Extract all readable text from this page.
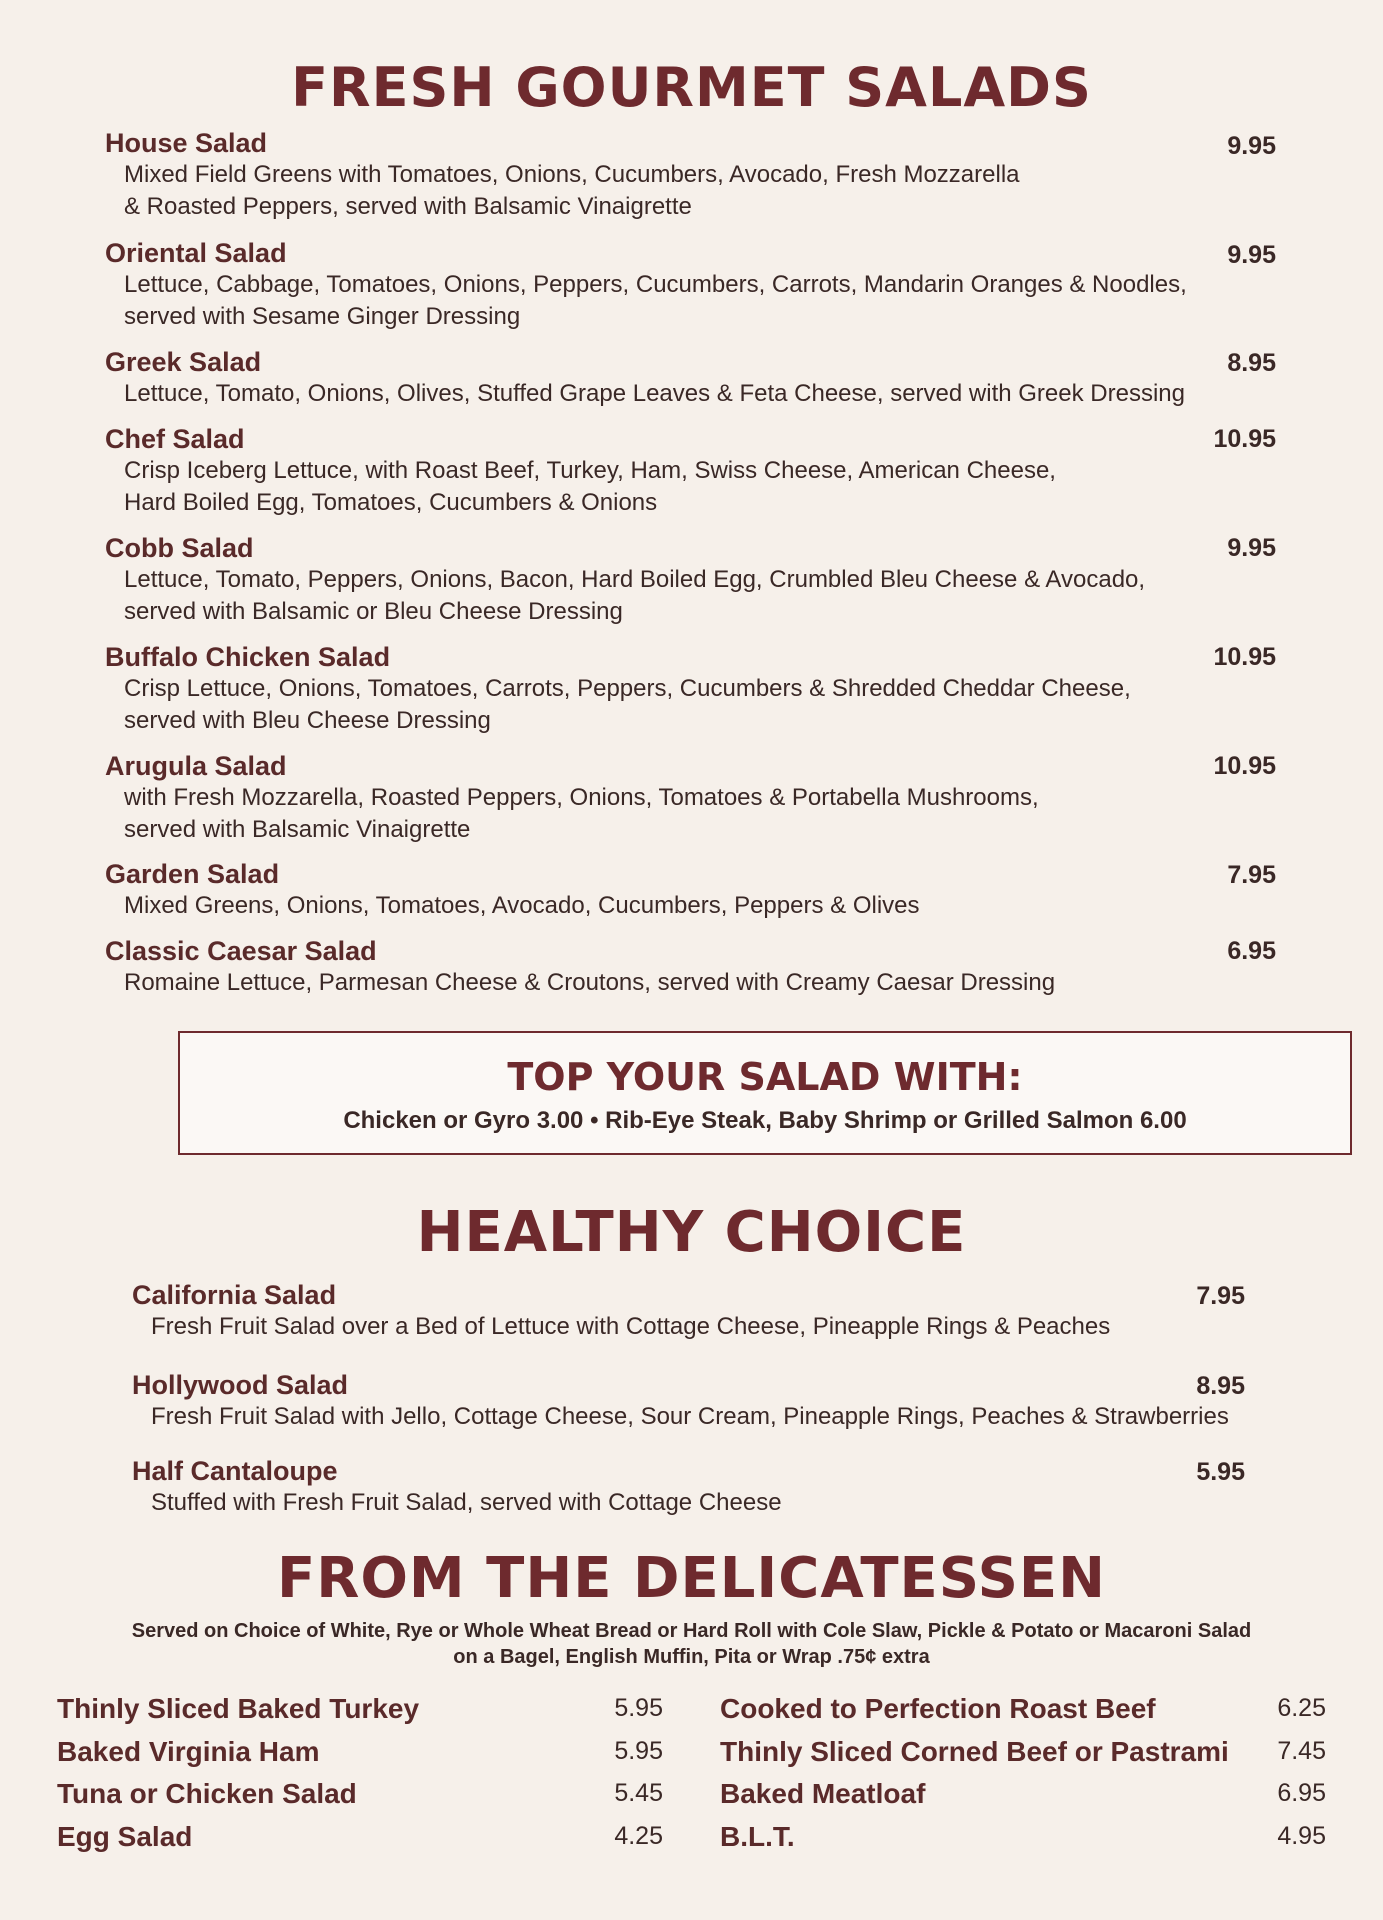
FRESH GOURMET SALADS
House Salad
Mixed Field Greens with Tomatoes, Onions, Cucumbers, Avocado, Fresh Mozzarella
& Roasted Peppers, served with Balsamic Vinaigrette
9.95
Oriental Salad
Lettuce, Cabbage, Tomatoes, Onions, Peppers, Cucumbers, Carrots, Mandarin Oranges & Noodles,
served with Sesame Ginger Dressing
9.95
Greek Salad
Lettuce, Tomato, Onions, Olives, Stuffed Grape Leaves & Feta Cheese, served with Greek Dressing
8.95
Chef Salad
Crisp Iceberg Lettuce, with Roast Beef, Turkey, Ham, Swiss Cheese, American Cheese,
Hard Boiled Egg, Tomatoes, Cucumbers & Onions
10.95
Cobb Salad
Lettuce, Tomato, Peppers, Onions, Bacon, Hard Boiled Egg, Crumbled Bleu Cheese & Avocado,
served with Balsamic or Bleu Cheese Dressing
9.95
Buffalo Chicken Salad
Crisp Lettuce, Onions, Tomatoes, Carrots, Peppers, Cucumbers & Shredded Cheddar Cheese,
served with Bleu Cheese Dressing
10.95
Arugula Salad
with Fresh Mozzarella, Roasted Peppers, Onions, Tomatoes & Portabella Mushrooms,
served with Balsamic Vinaigrette
10.95
Garden Salad
Mixed Greens, Onions, Tomatoes, Avocado, Cucumbers, Peppers & Olives
7.95
Classic Caesar Salad
Romaine Lettuce, Parmesan Cheese & Croutons, served with Creamy Caesar Dressing
6.95
TOP YOUR SALAD WITH:
Chicken or Gyro 3.00 • Rib-Eye Steak, Baby Shrimp or Grilled Salmon 6.00
HEALTHY CHOICE
California Salad
Fresh Fruit Salad over a Bed of Lettuce with Cottage Cheese, Pineapple Rings & Peaches
7.95
Hollywood Salad
Fresh Fruit Salad with Jello, Cottage Cheese, Sour Cream, Pineapple Rings, Peaches & Strawberries
8.95
Half Cantaloupe
Stuffed with Fresh Fruit Salad, served with Cottage Cheese
5.95
FROM THE DELICATESSEN
Served on Choice of White, Rye or Whole Wheat Bread or Hard Roll with Cole Slaw, Pickle & Potato or Macaroni Salad
on a Bagel, English Muffin, Pita or Wrap .75¢ extra
Thinly Sliced Baked Turkey	5.95
Baked Virginia Ham	5.95
Tuna or Chicken Salad	5.45
Egg Salad	4.25
Cooked to Perfection Roast Beef	6.25
Thinly Sliced Corned Beef or Pastrami	7.45
Baked Meatloaf	6.95
B.L.T.	4.95
